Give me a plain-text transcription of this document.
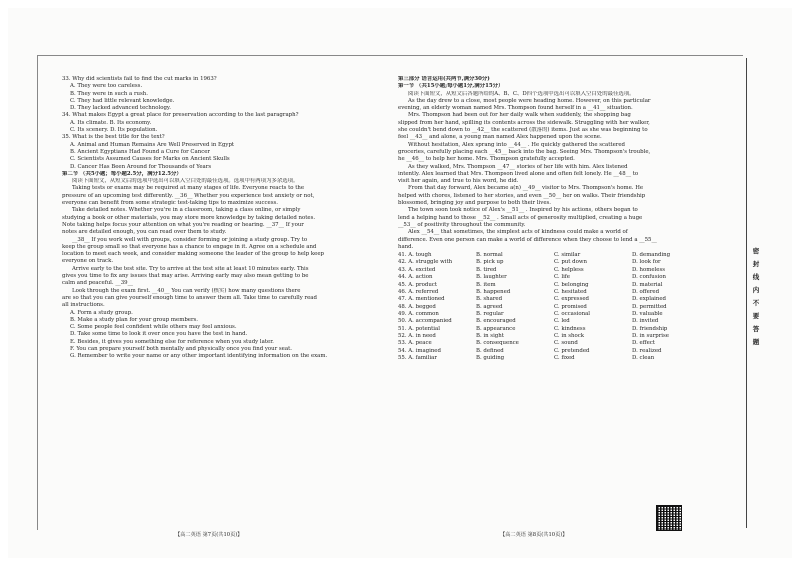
33. Why did scientists fail to find the cut marks in 1963?
A. They were too careless.
B. They were in such a rush.
C. They had little relevant knowledge.
D. They lacked advanced technology.
34. What makes Egypt a great place for preservation according to the last paragraph?
A. Its climate. B. Its economy.
C. Its scenery. D. Its population.
35. What is the best title for the text?
A. Animal and Human Remains Are Well Preserved in Egypt
B. Ancient Egyptians Had Found a Cure for Cancer
C. Scientists Assumed Causes for Marks on Ancient Skulls
D. Cancer Has Been Around for Thousands of Years
第二节 （共5小题；每小题2.5分，满分12.5分）
阅读下面短文，从短文后的选项中选出可以填入空白处的最佳选项。选项中有两项为多余选项。
Taking tests or exams may be required at many stages of life. Everyone reacts to the
pressure of an upcoming test differently. __36__ Whether you experience test anxiety or not,
everyone can benefit from some strategic test-taking tips to maximize success.
Take detailed notes. Whether you're in a classroom, taking a class online, or simply
studying a book or other materials, you may store more knowledge by taking detailed notes.
Note taking helps focus your attention on what you're reading or hearing. __37__ If your
notes are detailed enough, you can read over them to study.
__38__ If you work well with groups, consider forming or joining a study group. Try to
keep the group small so that everyone has a chance to engage in it. Agree on a schedule and
location to meet each week, and consider making someone the leader of the group to help keep
everyone on track.
Arrive early to the test site. Try to arrive at the test site at least 10 minutes early. This
gives you time to fix any issues that may arise. Arriving early may also mean getting to be
calm and peaceful. __39__
Look through the exam first. __40__ You can verify (核实) how many questions there
are so that you can give yourself enough time to answer them all. Take time to carefully read
all instructions.
A. Form a study group.
B. Make a study plan for your group members.
C. Some people feel confident while others may feel anxious.
D. Take some time to look it over once you have the test in hand.
E. Besides, it gives you something else for reference when you study later.
F. You can prepare yourself both mentally and physically once you find your seat.
G. Remember to write your name or any other important identifying information on the exam.
【高二英语 第7页(共10页)】
第三部分 语言运用(共两节,满分30分)
第一节 （共15小题;每小题1分,满分15分）
阅读下面短文，从短文后各题所给的A、B、C、D四个选项中选出可以填入空白处的最佳选项。
As the day drew to a close, most people were heading home. However, on this particular
evening, an elderly woman named Mrs. Thompson found herself in a __41__ situation.
Mrs. Thompson had been out for her daily walk when suddenly, the shopping bag
slipped from her hand, spilling its contents across the sidewalk. Struggling with her walker,
she couldn't bend down to __42__ the scattered (散落的) items. Just as she was beginning to
feel __43__ and alone, a young man named Alex happened upon the scene.
Without hesitation, Alex sprang into __44__ . He quickly gathered the scattered
groceries, carefully placing each __45__ back into the bag. Seeing Mrs. Thompson's trouble,
he __46__ to help her home. Mrs. Thompson gratefully accepted.
As they walked, Mrs. Thompson __47__ stories of her life with him. Alex listened
intently. Alex learned that Mrs. Thompson lived alone and often felt lonely. He __48__ to
visit her again, and true to his word, he did.
From that day forward, Alex became a(n) __49__ visitor to Mrs. Thompson's home. He
helped with chores, listened to her stories, and even __50__ her on walks. Their friendship
blossomed, bringing joy and purpose to both their lives.
The town soon took notice of Alex's __51__ . Inspired by his actions, others began to
lend a helping hand to those __52__ . Small acts of generosity multiplied, creating a huge
__53__ of positivity throughout the community.
Alex __54__ that sometimes, the simplest acts of kindness could make a world of
difference. Even one person can make a world of difference when they choose to lend a __55__
hand.
41. A. tough	B. normal	C. similar	D. demanding
42. A. struggle with	B. pick up	C. put down	D. look for
43. A. excited	B. tired	C. helpless	D. homeless
44. A. action	B. laughter	C. life	D. confusion
45. A. product	B. item	C. belonging	D. material
46. A. referred	B. happened	C. hesitated	D. offered
47. A. mentioned	B. shared	C. expressed	D. explained
48. A. begged	B. agreed	C. promised	D. permitted
49. A. common	B. regular	C. occasional	D. valuable
50. A. accompanied	B. encouraged	C. led	D. invited
51. A. potential	B. appearance	C. kindness	D. friendship
52. A. in need	B. in sight	C. in shock	D. in surprise
53. A. peace	B. consequence	C. sound	D. effect
54. A. imagined	B. defined	C. pretended	D. realized
55. A. familiar	B. guiding	C. fixed	D. clean
【高二英语 第8页(共10页)】
密
封
线
内
不
要
答
题
